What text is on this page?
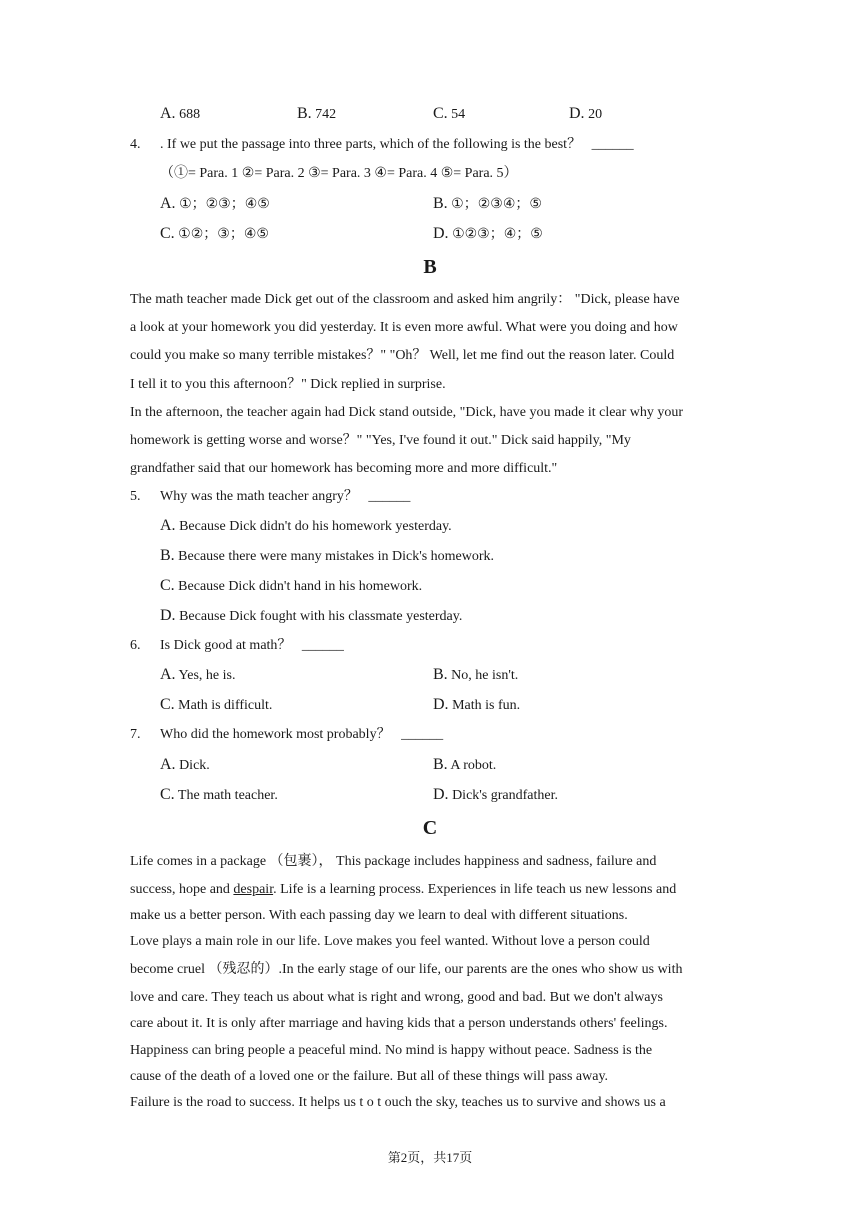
A. 688	B. 742	C. 54	D. 20
4. . If we put the passage into three parts, which of the following is the best？ ______
（①= Para. 1 ②= Para. 2 ③= Para. 3 ④= Para. 4 ⑤= Para. 5）
A. ①；②③；④⑤	B. ①；②③④；⑤
C. ①②；③；④⑤	D. ①②③；④；⑤
B
The math teacher made Dick get out of the classroom and asked him angrily： "Dick, please have
a look at your homework you did yesterday. It is even more awful. What were you doing and how
could you make so many terrible mistakes？" "Oh？ Well, let me find out the reason later. Could
I tell it to you this afternoon？" Dick replied in surprise.
In the afternoon, the teacher again had Dick stand outside, "Dick, have you made it clear why your
homework is getting worse and worse？" "Yes, I've found it out." Dick said happily, "My
grandfather said that our homework has becoming more and more difficult."
5. Why was the math teacher angry？ ______
A. Because Dick didn't do his homework yesterday.
B. Because there were many mistakes in Dick's homework.
C. Because Dick didn't hand in his homework.
D. Because Dick fought with his classmate yesterday.
6. Is Dick good at math？ ______
A. Yes, he is.	B. No, he isn't.
C. Math is difficult.	D. Math is fun.
7. Who did the homework most probably？ ______
A. Dick.	B. A robot.
C. The math teacher.	D. Dick's grandfather.
C
Life comes in a package （包裹）， This package includes happiness and sadness, failure and
success, hope and despair. Life is a learning process. Experiences in life teach us new lessons and
make us a better person. With each passing day we learn to deal with different situations.
Love plays a main role in our life. Love makes you feel wanted. Without love a person could
become cruel （残忍的）.In the early stage of our life, our parents are the ones who show us with
love and care. They teach us about what is right and wrong, good and bad. But we don't always
care about it. It is only after marriage and having kids that a person understands others' feelings.
Happiness can bring people a peaceful mind. No mind is happy without peace. Sadness is the
cause of the death of a loved one or the failure. But all of these things will pass away.
Failure is the road to success. It helps us t o t ouch the sky, teaches us to survive and shows us a
第2页，共17页
